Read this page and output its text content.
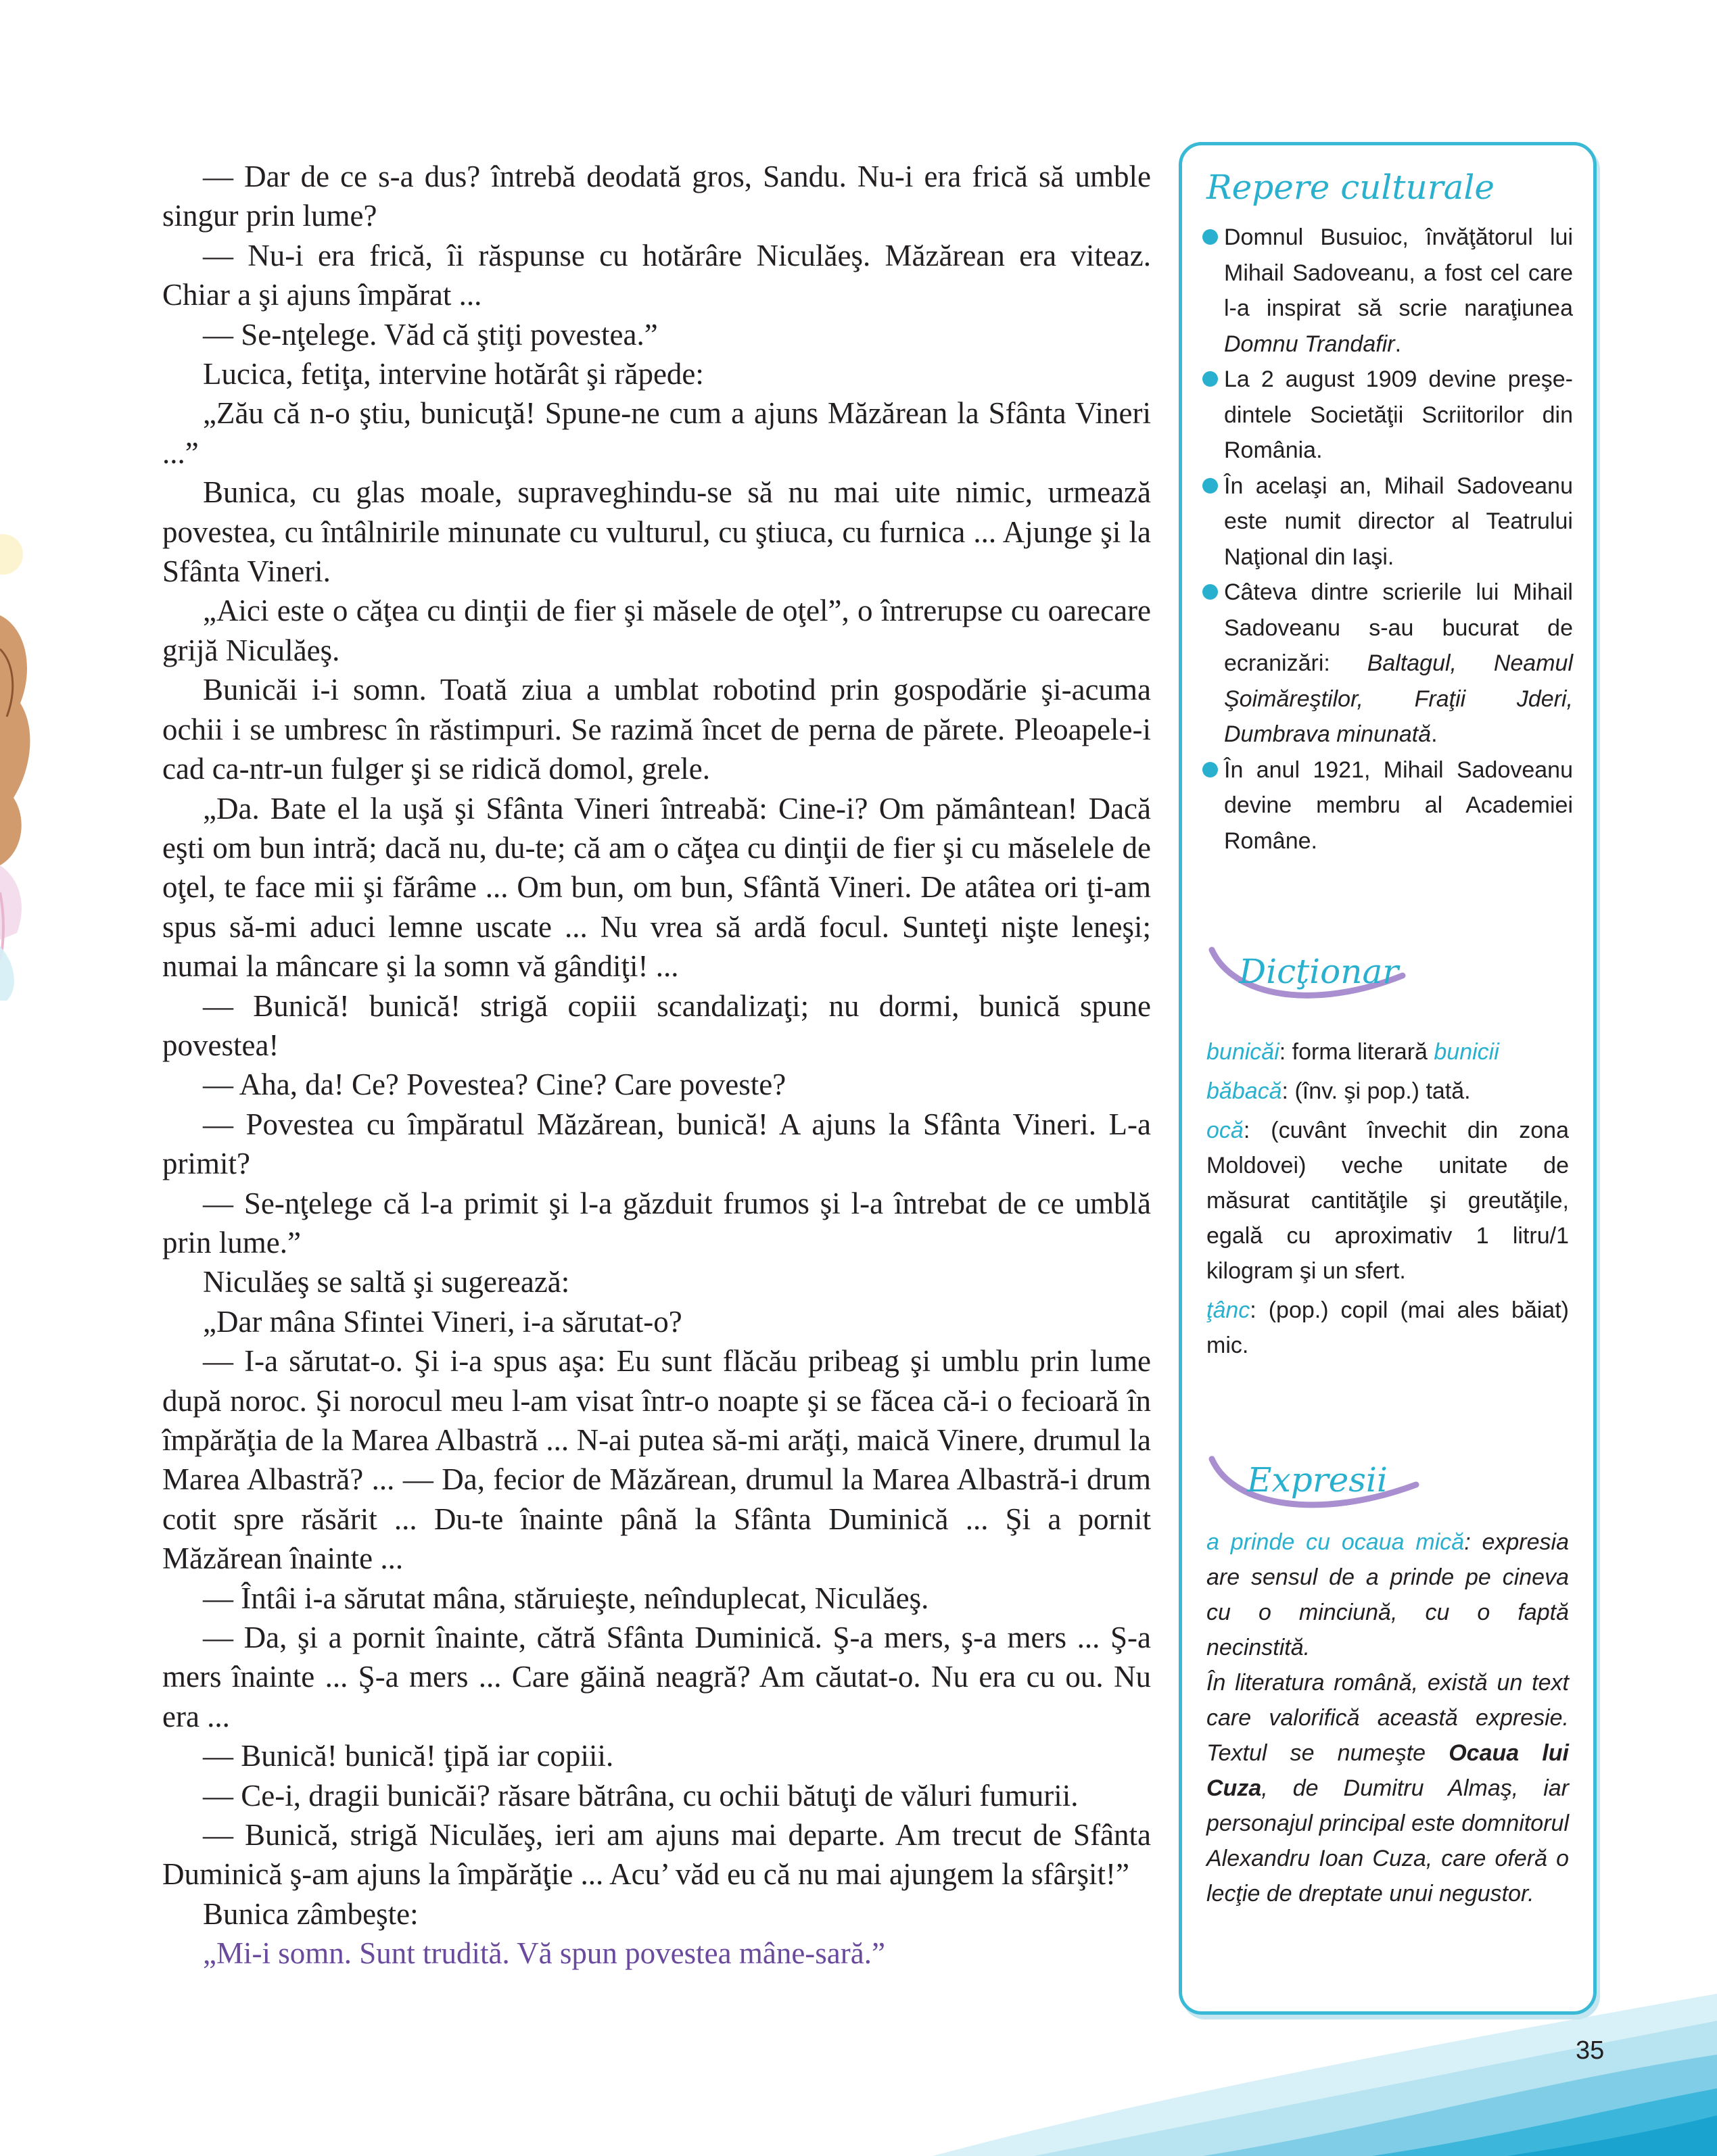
— Dar de ce s-a dus? întrebă deodată gros, Sandu. Nu-i era frică să umble singur prin lume?

— Nu-i era frică, îi răspunse cu hotărâre Niculăeş. Măzărean era viteaz. Chiar a şi ajuns împărat ...

— Se-nţelege. Văd că ştiţi povestea.”

Lucica, fetiţa, intervine hotărât şi răpede:

„Zău că n-o ştiu, bunicuţă! Spune-ne cum a ajuns Măzărean la Sfânta Vineri ...”

Bunica, cu glas moale, supraveghindu-se să nu mai uite nimic, urmează povestea, cu întâlnirile minunate cu vulturul, cu ştiuca, cu furnica ... Ajunge şi la Sfânta Vineri.

„Aici este o căţea cu dinţii de fier şi măsele de oţel”, o întrerupse cu oarecare grijă Niculăeş.

Bunicăi i-i somn. Toată ziua a umblat robotind prin gospodărie şi-acuma ochii i se umbresc în răstimpuri. Se razimă încet de perna de părete. Pleoapele-i cad ca-ntr-un fulger şi se ridică domol, grele.

„Da. Bate el la uşă şi Sfânta Vineri întreabă: Cine-i? Om pământean! Dacă eşti om bun intră; dacă nu, du-te; că am o căţea cu dinţii de fier şi cu măselele de oţel, te face mii şi fărâme ... Om bun, om bun, Sfântă Vineri. De atâtea ori ţi-am spus să-mi aduci lemne uscate ... Nu vrea să ardă focul. Sunteţi nişte leneşi; numai la mâncare şi la somn vă gândiţi! ...

— Bunică! bunică! strigă copiii scandalizaţi; nu dormi, bunică spune povestea!

— Aha, da! Ce? Povestea? Cine? Care poveste?

— Povestea cu împăratul Măzărean, bunică! A ajuns la Sfânta Vineri. L-a primit?

— Se-nţelege că l-a primit şi l-a găzduit frumos şi l-a întrebat de ce umblă prin lume.”

Niculăeş se saltă şi sugerează:

„Dar mâna Sfintei Vineri, i-a sărutat-o?

— I-a sărutat-o. Şi i-a spus aşa: Eu sunt flăcău pribeag şi umblu prin lume după noroc. Şi norocul meu l-am visat într-o noapte şi se făcea că-i o fecioară în împărăţia de la Marea Albastră ... N-ai putea să-mi arăţi, maică Vinere, drumul la Marea Albastră? ... — Da, fecior de Măzărean, drumul la Marea Albastră-i drum cotit spre răsărit ... Du-te înainte până la Sfânta Duminică ... Şi a pornit Măzărean înainte ...

— Întâi i-a sărutat mâna, stăruieşte, neînduplecat, Niculăeş.

— Da, şi a pornit înainte, cătră Sfânta Duminică. Ş-a mers, ş-a mers ... Ş-a mers înainte ... Ş-a mers ... Care găină neagră? Am căutat-o. Nu era cu ou. Nu era ...

— Bunică! bunică! ţipă iar copiii.

— Ce-i, dragii bunicăi? răsare bătrâna, cu ochii bătuţi de văluri fumurii.

— Bunică, strigă Niculăeş, ieri am ajuns mai departe. Am trecut de Sfânta Duminică ş-am ajuns la împărăţie ... Acu’ văd eu că nu mai ajungem la sfârşit!”

Bunica zâmbeşte:

„Mi-i somn. Sunt trudită. Vă spun povestea mâne-sară.”

Repere culturale
Domnul Busuioc, învăţătorul lui Mihail Sadoveanu, a fost cel care l-a inspirat să scrie naraţiunea Domnu Trandafir.
La 2 august 1909 devine preşedintele Societăţii Scriitorilor din România.
În acelaşi an, Mihail Sadoveanu este numit director al Teatrului Naţional din Iaşi.
Câteva dintre scrierile lui Mihail Sadoveanu s-au bucurat de ecranizări: Baltagul, Neamul Şoimăreştilor, Fraţii Jderi, Dumbrava minunată.
În anul 1921, Mihail Sadoveanu devine membru al Academiei Române.
Dicţionar

bunicăi: forma literară bunicii

băbacă: (înv. şi pop.) tată.

ocă: (cuvânt învechit din zona Moldovei) veche unitate de măsurat cantităţile şi greutăţile, egală cu aproximativ 1 litru/1 kilogram şi un sfert.

ţânc: (pop.) copil (mai ales băiat) mic.

Expresii

a prinde cu ocaua mică: expresia are sensul de a prinde pe cineva cu o minciună, cu o faptă necinstită.

În literatura română, există un text care valorifică această expresie. Textul se numeşte Ocaua lui Cuza, de Dumitru Almaş, iar personajul principal este domnitorul Alexandru Ioan Cuza, care oferă o lecţie de dreptate unui negustor.

35
